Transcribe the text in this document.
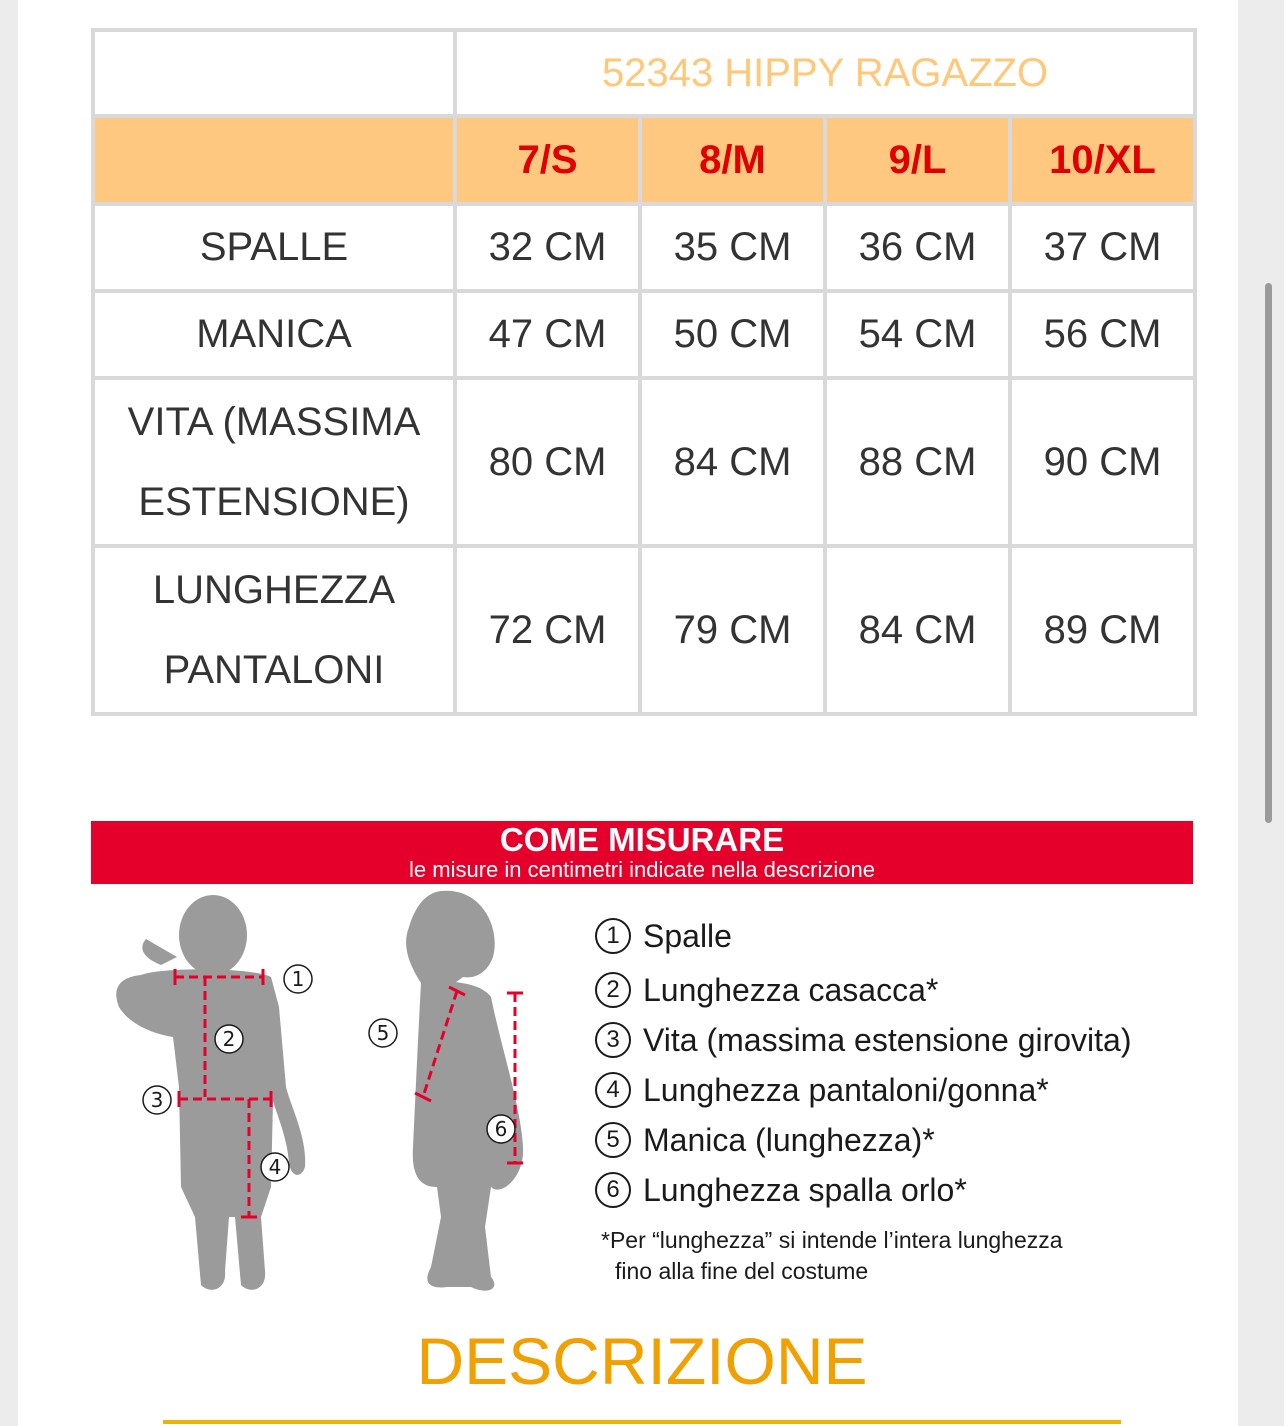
	52343 HIPPY RAGAZZO			
	7/S	8/M	9/L	10/XL
SPALLE	32 CM	35 CM	36 CM	37 CM
MANICA	47 CM	50 CM	54 CM	56 CM
VITA (MASSIMA
ESTENSIONE)	80 CM	84 CM	88 CM	90 CM
LUNGHEZZA
PANTALONI	72 CM	79 CM	84 CM	89 CM
COME MISURARE
le misure in centimetri indicate nella descrizione
1
2
3
4
5
6
1 Spalle
2 Lunghezza casacca*
3 Vita (massima estensione girovita)
4 Lunghezza pantaloni/gonna*
5 Manica (lunghezza)*
6 Lunghezza spalla orlo*
*Per “lunghezza” si intende l’intera lunghezza
fino alla fine del costume
DESCRIZIONE
